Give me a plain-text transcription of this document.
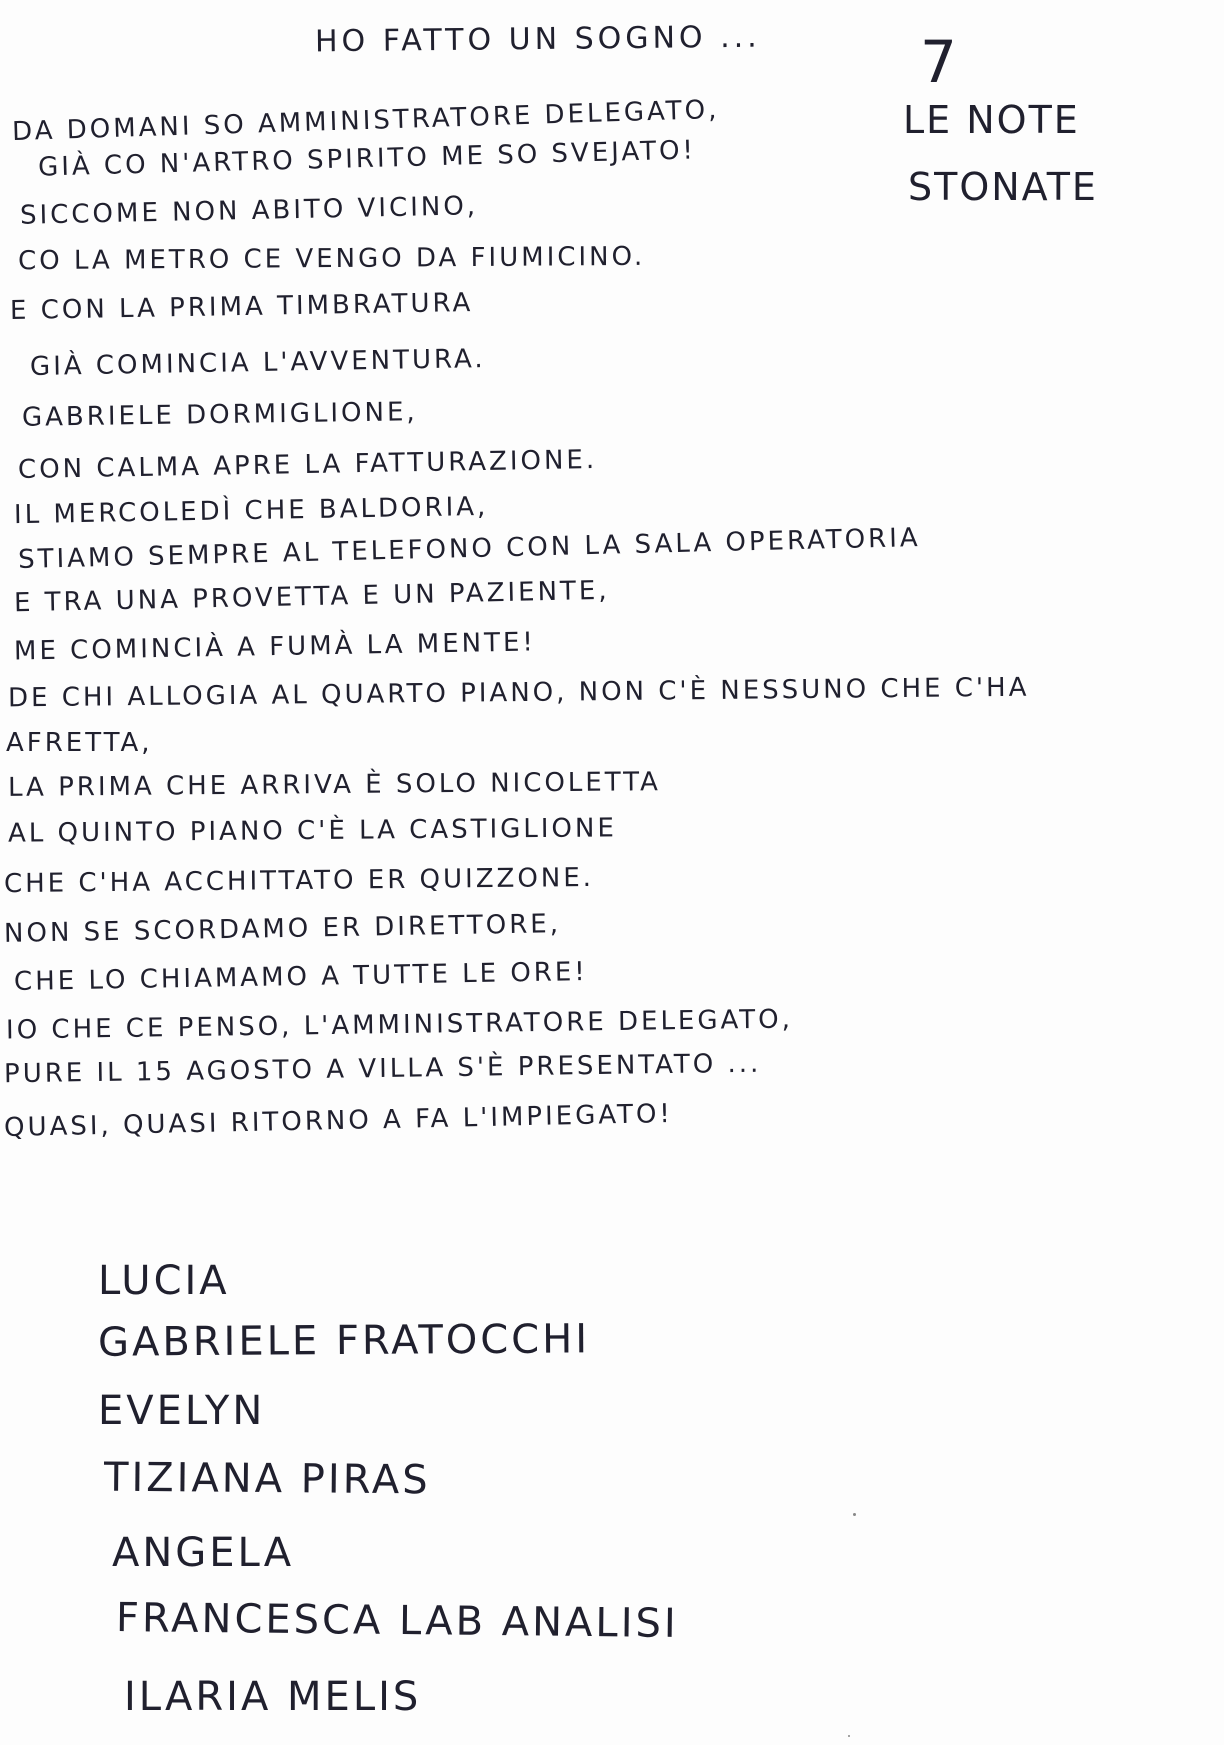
HO FATTO UN SOGNO ...	7
LE NOTE
STONATE
DA DOMANI SO AMMINISTRATORE DELEGATO,
GIÀ CO N'ARTRO SPIRITO ME SO SVEJATO!
SICCOME NON ABITO VICINO,
CO LA METRO CE VENGO DA FIUMICINO.
E CON LA PRIMA TIMBRATURA
GIÀ COMINCIA L'AVVENTURA.
GABRIELE DORMIGLIONE,
CON CALMA APRE LA FATTURAZIONE.
IL MERCOLEDÌ CHE BALDORIA,
STIAMO SEMPRE AL TELEFONO CON LA SALA OPERATORIA
E TRA UNA PROVETTA E UN PAZIENTE,
ME COMINCIÀ A FUMÀ LA MENTE!
DE CHI ALLOGIA AL QUARTO PIANO, NON C'È NESSUNO CHE C'HA
AFRETTA,
LA PRIMA CHE ARRIVA È SOLO NICOLETTA
AL QUINTO PIANO C'È LA CASTIGLIONE
CHE C'HA ACCHITTATO ER QUIZZONE.
NON SE SCORDAMO ER DIRETTORE,
CHE LO CHIAMAMO A TUTTE LE ORE!
IO CHE CE PENSO, L'AMMINISTRATORE DELEGATO,
PURE IL 15 AGOSTO A VILLA S'È PRESENTATO ...
QUASI, QUASI RITORNO A FA L'IMPIEGATO!
LUCIA
GABRIELE FRATOCCHI
EVELYN
TIZIANA PIRAS
ANGELA
FRANCESCA LAB ANALISI
ILARIA MELIS
